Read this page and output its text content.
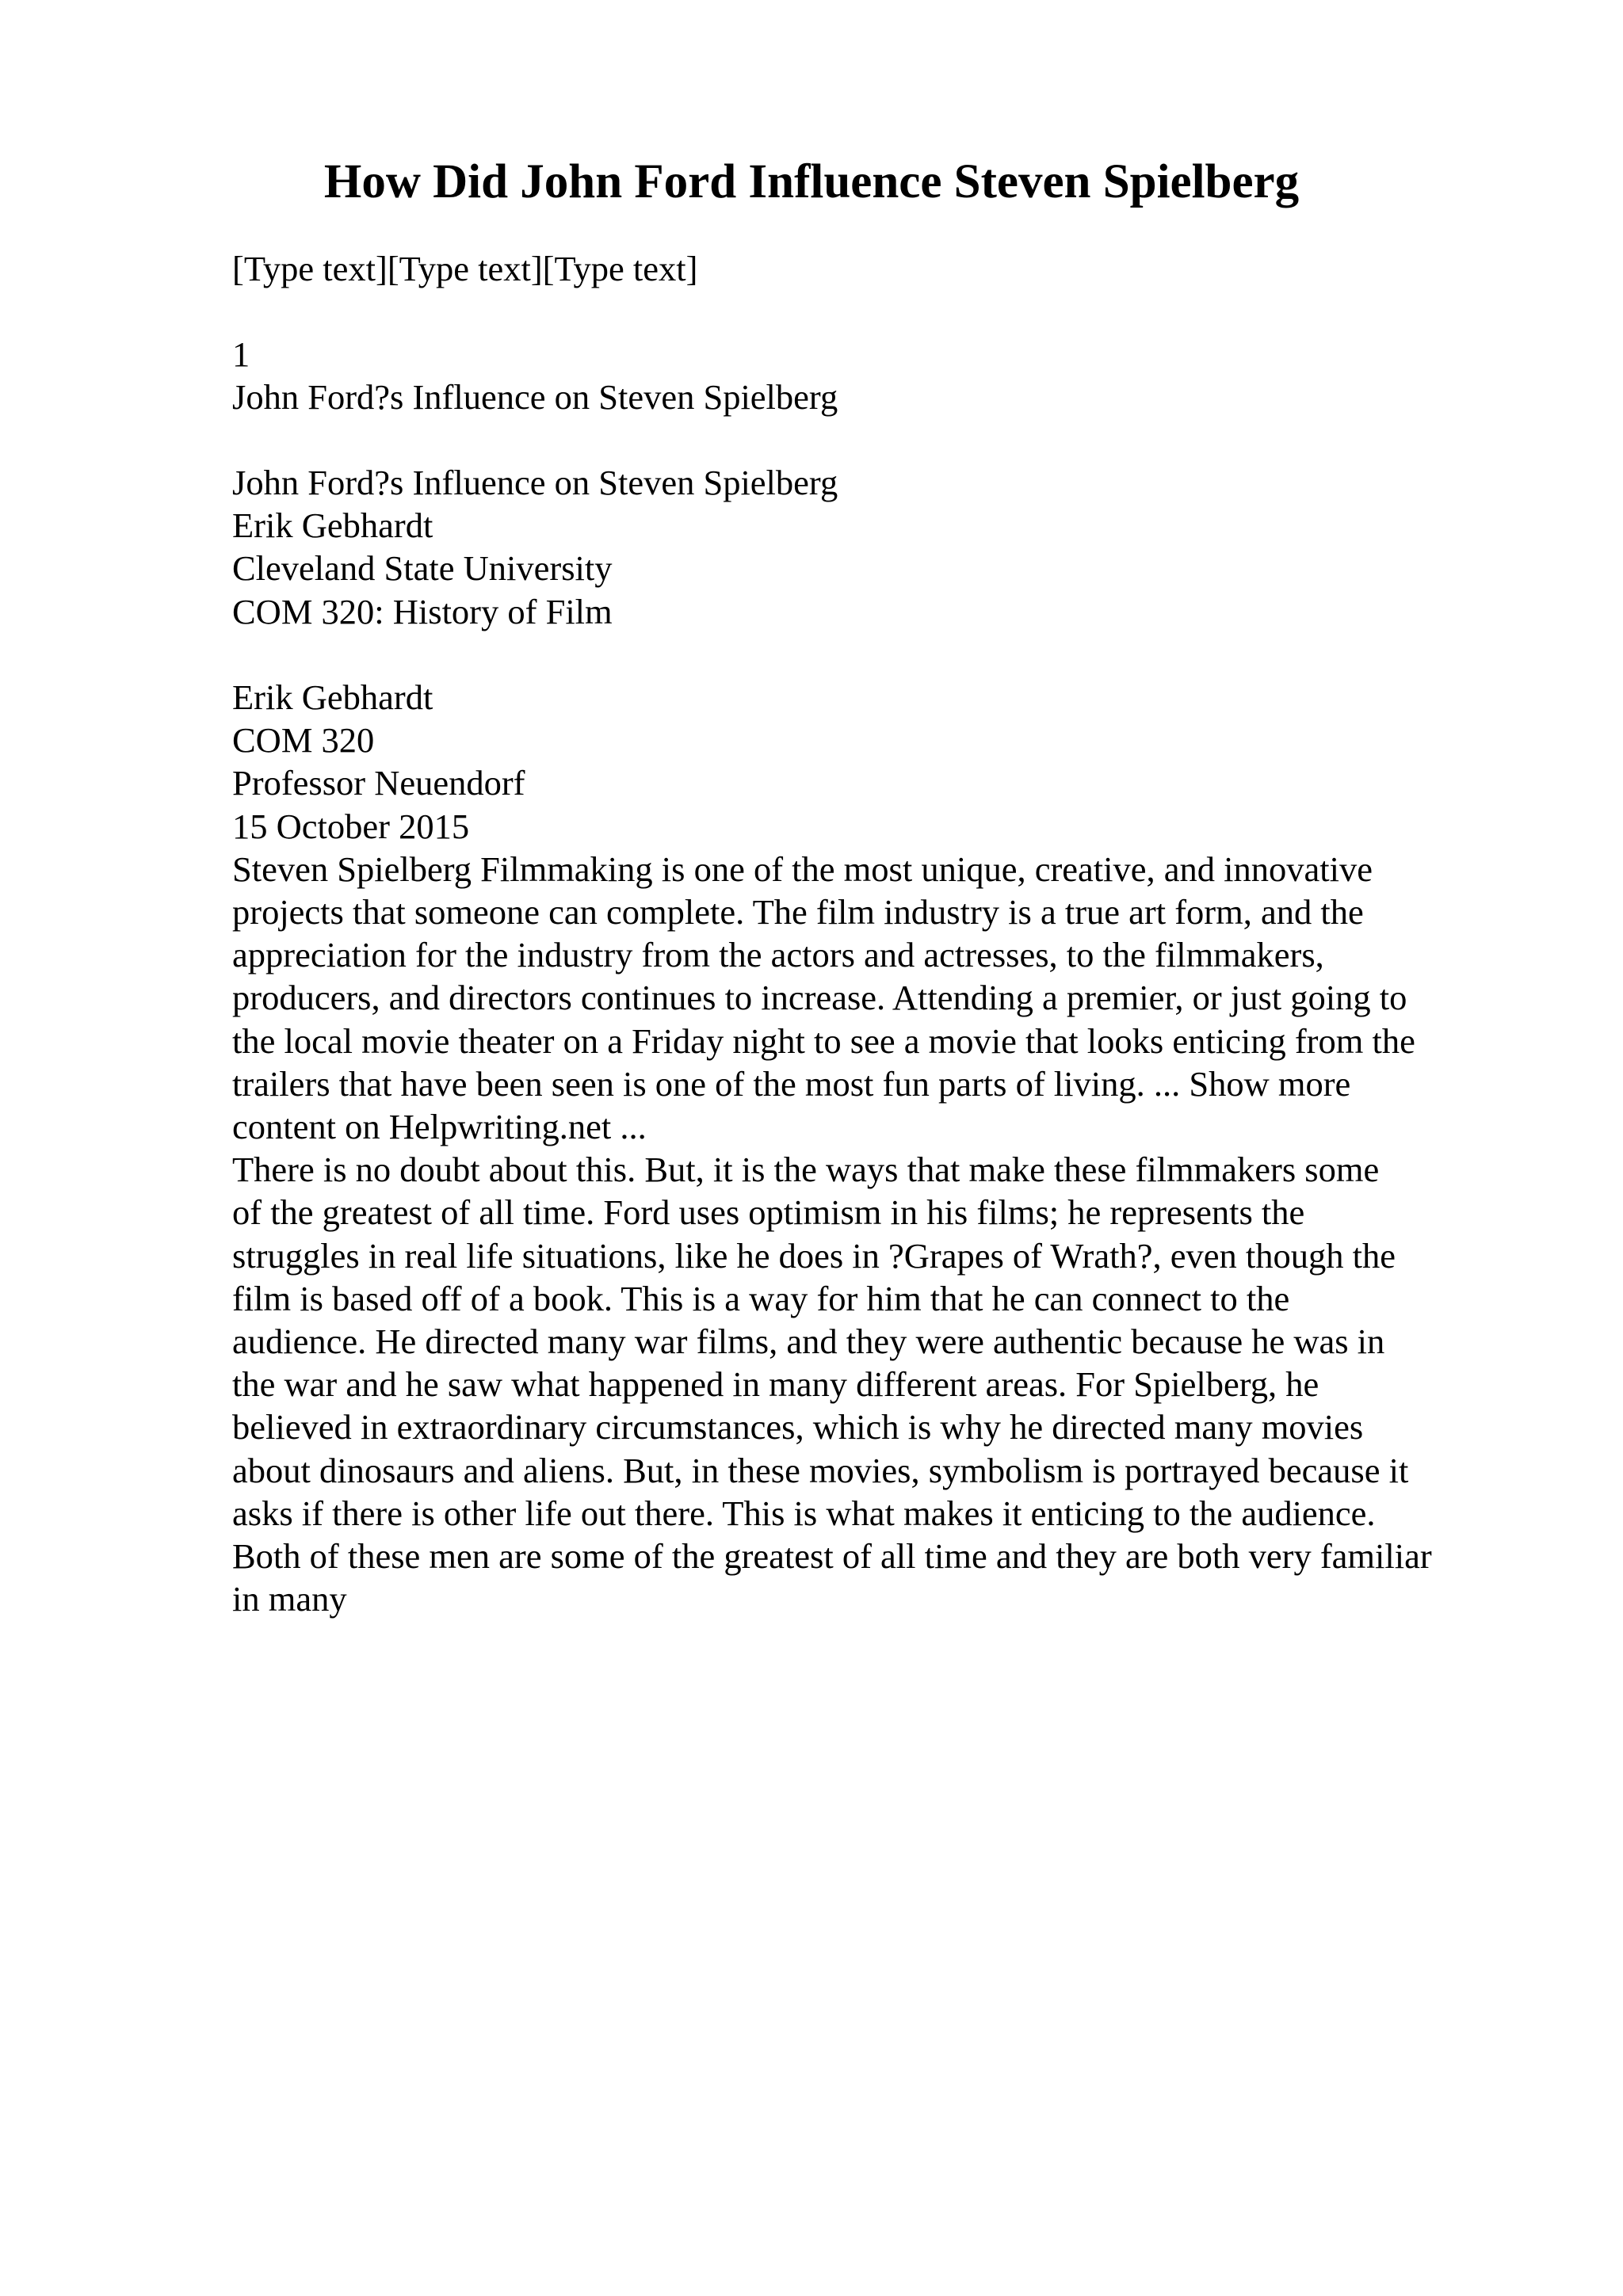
How Did John Ford Influence Steven Spielberg
[Type text][Type text][Type text]
1
John Ford?s Influence on Steven Spielberg
John Ford?s Influence on Steven Spielberg
Erik Gebhardt
Cleveland State University
COM 320: History of Film
Erik Gebhardt
COM 320
Professor Neuendorf
15 October 2015
Steven Spielberg Filmmaking is one of the most unique, creative, and innovative
projects that someone can complete. The film industry is a true art form, and the
appreciation for the industry from the actors and actresses, to the filmmakers,
producers, and directors continues to increase. Attending a premier, or just going to
the local movie theater on a Friday night to see a movie that looks enticing from the
trailers that have been seen is one of the most fun parts of living. ... Show more
content on Helpwriting.net ...
There is no doubt about this. But, it is the ways that make these filmmakers some
of the greatest of all time. Ford uses optimism in his films; he represents the
struggles in real life situations, like he does in ?Grapes of Wrath?, even though the
film is based off of a book. This is a way for him that he can connect to the
audience. He directed many war films, and they were authentic because he was in
the war and he saw what happened in many different areas. For Spielberg, he
believed in extraordinary circumstances, which is why he directed many movies
about dinosaurs and aliens. But, in these movies, symbolism is portrayed because it
asks if there is other life out there. This is what makes it enticing to the audience.
Both of these men are some of the greatest of all time and they are both very familiar
in many
